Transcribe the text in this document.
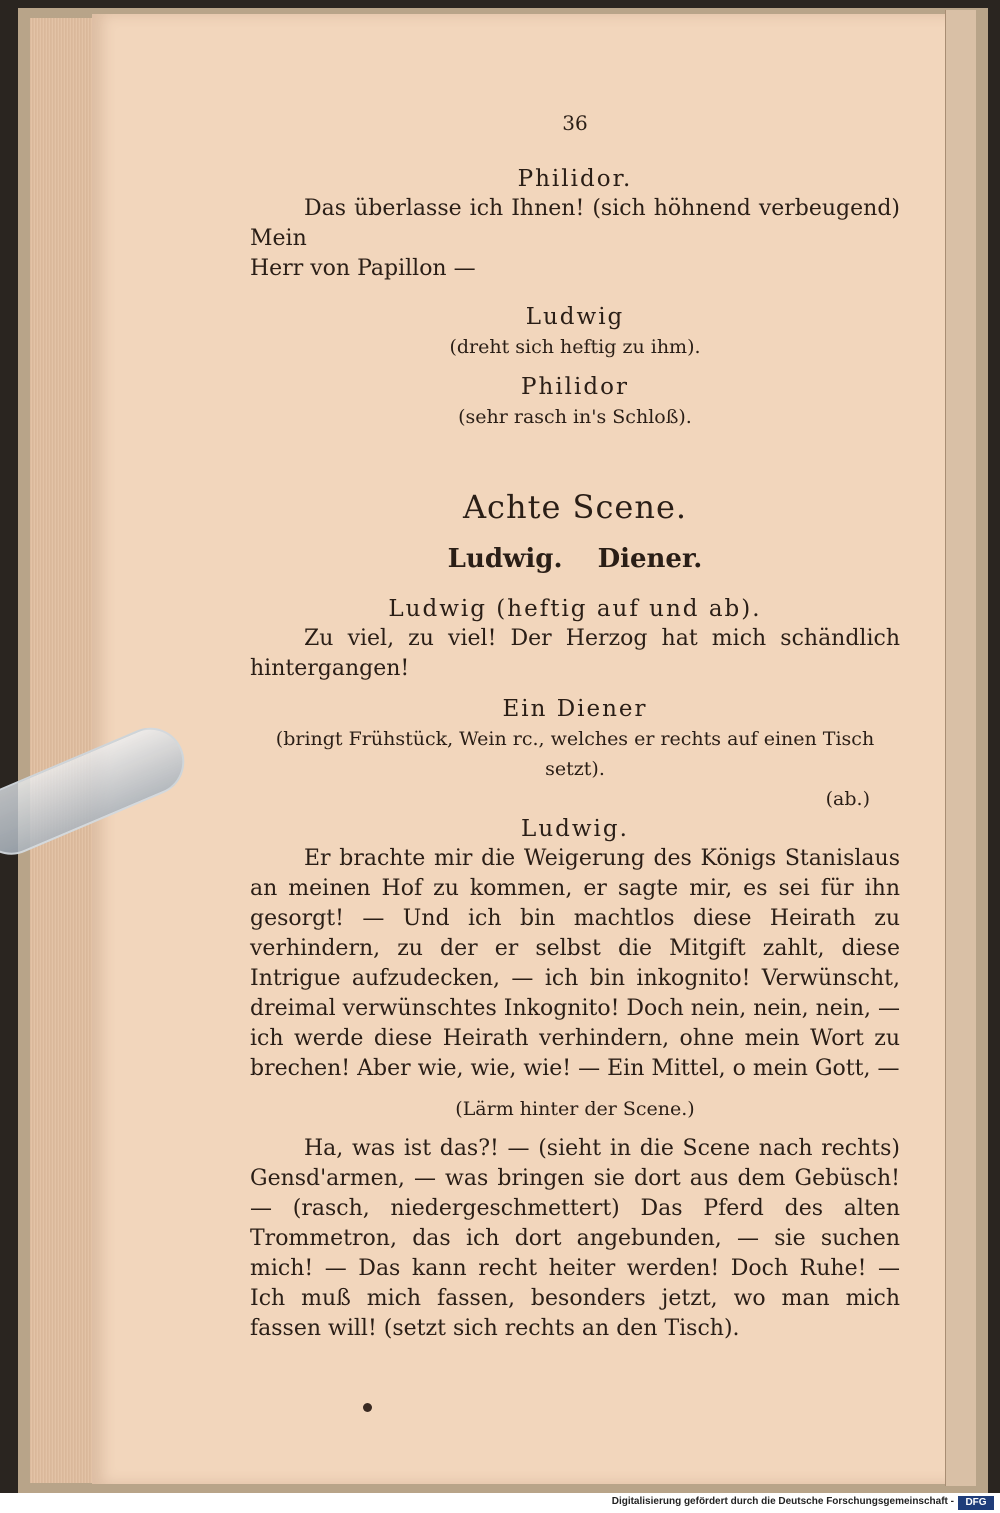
36
Philidor.

Das überlasse ich Ihnen! (sich höhnend verbeugend) Mein
Herr von Papillon —

Ludwig
(dreht sich heftig zu ihm).
Philidor
(sehr rasch in's Schloß).
Achte Scene.
Ludwig. Diener.
Ludwig (heftig auf und ab).

Zu viel, zu viel! Der Herzog hat mich schändlich hintergangen!

Ein Diener
(bringt Frühstück, Wein rc., welches er rechts auf einen Tisch setzt).
(ab.)
Ludwig.

Er brachte mir die Weigerung des Königs Stanislaus an meinen Hof zu kommen, er sagte mir, es sei für ihn gesorgt! — Und ich bin machtlos diese Heirath zu verhindern, zu der er selbst die Mitgift zahlt, diese Intrigue aufzudecken, — ich bin inkognito! Verwünscht, dreimal verwünschtes Inkognito! Doch nein, nein, nein, — ich werde diese Heirath verhindern, ohne mein Wort zu brechen! Aber wie, wie, wie! — Ein Mittel, o mein Gott, —

(Lärm hinter der Scene.)

Ha, was ist das?! — (sieht in die Scene nach rechts) Gensd'armen, — was bringen sie dort aus dem Gebüsch! — (rasch, niedergeschmettert) Das Pferd des alten Trommetron, das ich dort angebunden, — sie suchen mich! — Das kann recht heiter werden! Doch Ruhe! — Ich muß mich fassen, besonders jetzt, wo man mich fassen will! (setzt sich rechts an den Tisch).

Digitalisierung gefördert durch die Deutsche Forschungsgemeinschaft -	DFG
